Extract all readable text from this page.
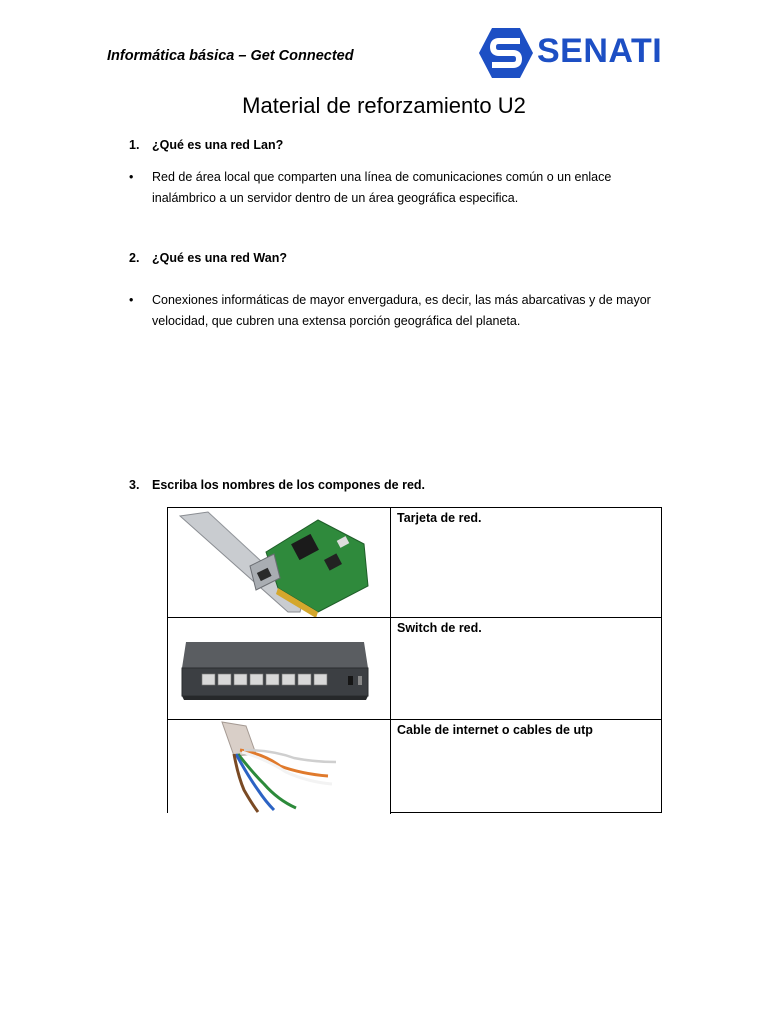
Informática básica – Get Connected	SENATI
Material de reforzamiento U2
1. ¿Qué es una red Lan?
• Red de área local que comparten una línea de comunicaciones común o un enlace inalámbrico a un servidor dentro de un área geográfica especifica.
2. ¿Qué es una red Wan?
• Conexiones informáticas de mayor envergadura, es decir, las más abarcativas y de mayor velocidad, que cubren una extensa porción geográfica del planeta.
3. Escriba los nombres de los compones de red.
Tarjeta de red.
Switch de red.
Cable de internet o cables de utp
